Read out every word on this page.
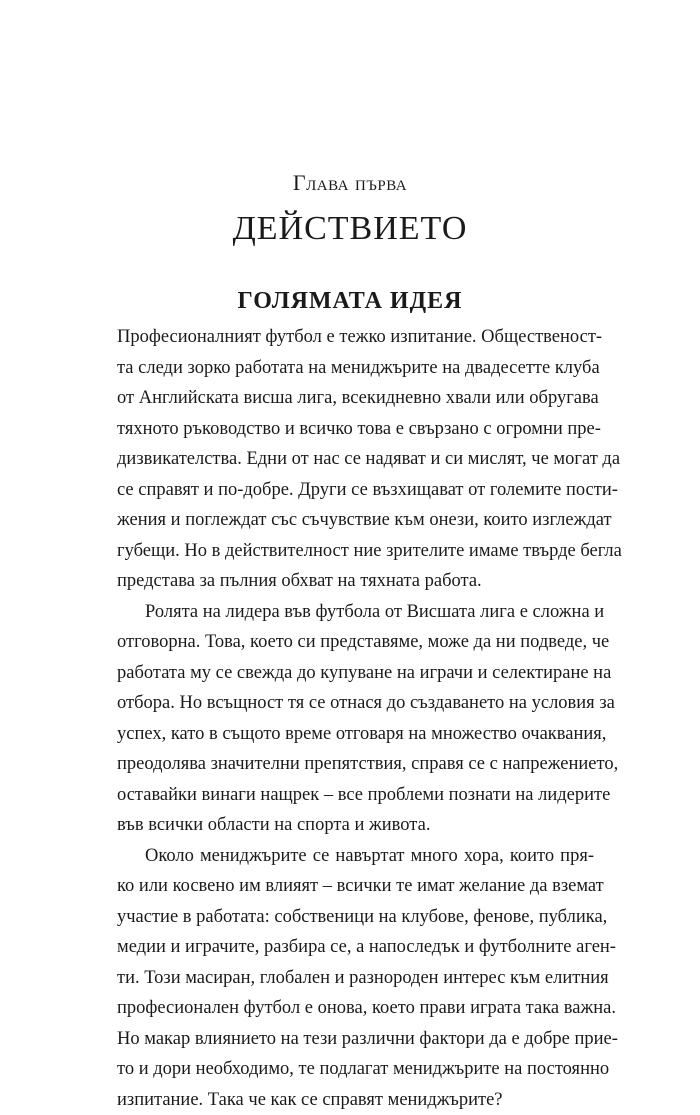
Глава първа
ДЕЙСТВИЕТО
ГОЛЯМАТА ИДЕЯ
Професионалният футбол е тежко изпитание. Общественост-
та следи зорко работата на мениджърите на двадесетте клуба
от Английската висша лига, всекидневно хвали или обругава
тяхното ръководство и всичко това е свързано с огромни пре-
дизвикателства. Едни от нас се надяват и си мислят, че могат да
се справят и по-добре. Други се възхищават от големите пости-
жения и поглеждат със съчувствие към онези, които изглеждат
губещи. Но в действителност ние зрителите имаме твърде бегла
представа за пълния обхват на тяхната работа.
Ролята на лидера във футбола от Висшата лига е сложна и
отговорна. Това, което си представяме, може да ни подведе, че
работата му се свежда до купуване на играчи и селектиране на
отбора. Но всъщност тя се отнася до създаването на условия за
успех, като в същото време отговаря на множество очаквания,
преодолява значителни препятствия, справя се с напрежението,
оставайки винаги нащрек – все проблеми познати на лидерите
във всички области на спорта и живота.
Около мениджърите се навъртат много хора, които пря-
ко или косвено им влияят – всички те имат желание да вземат
участие в работата: собственици на клубове, фенове, публика,
медии и играчите, разбира се, а напоследък и футболните аген-
ти. Този масиран, глобален и разнороден интерес към елитния
професионален футбол е онова, което прави играта така важна.
Но макар влиянието на тези различни фактори да е добре прие-
то и дори необходимо, те подлагат мениджърите на постоянно
изпитание. Така че как се справят мениджърите?
